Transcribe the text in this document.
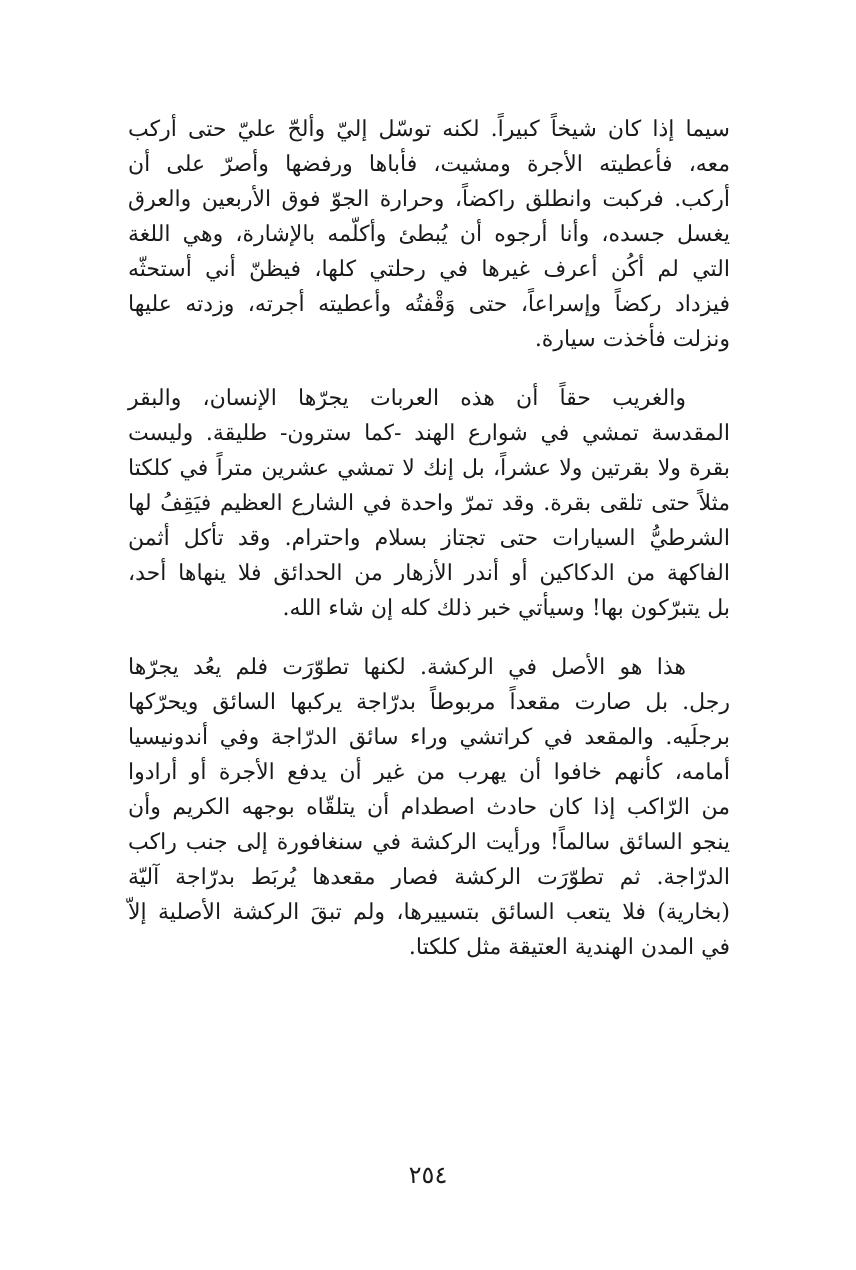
سيما إذا كان شيخاً كبيراً. لكنه توسّل إليّ وألحّ عليّ حتى أركب
معه، فأعطيته الأجرة ومشيت، فأباها ورفضها وأصرّ على أن
أركب. فركبت وانطلق راكضاً، وحرارة الجوّ فوق الأربعين والعرق
يغسل جسده، وأنا أرجوه أن يُبطئ وأكلّمه بالإشارة، وهي اللغة
التي لم أكُن أعرف غيرها في رحلتي كلها، فيظنّ أني أستحثّه
فيزداد ركضاً وإسراعاً، حتى وَقْفتُه وأعطيته أجرته، وزدته عليها
ونزلت فأخذت سيارة.
والغريب حقاً أن هذه العربات يجرّها الإنسان، والبقر
المقدسة تمشي في شوارع الهند -كما سترون- طليقة. وليست
بقرة ولا بقرتين ولا عشراً، بل إنك لا تمشي عشرين متراً في كلكتا
مثلاً حتى تلقى بقرة. وقد تمرّ واحدة في الشارع العظيم فيَقِفُ لها
الشرطيُّ السيارات حتى تجتاز بسلام واحترام. وقد تأكل أثمن
الفاكهة من الدكاكين أو أندر الأزهار من الحدائق فلا ينهاها أحد،
بل يتبرّكون بها! وسيأتي خبر ذلك كله إن شاء الله.
هذا هو الأصل في الركشة. لكنها تطوّرَت فلم يعُد يجرّها
رجل. بل صارت مقعداً مربوطاً بدرّاجة يركبها السائق ويحرّكها
برجلَيه. والمقعد في كراتشي وراء سائق الدرّاجة وفي أندونيسيا
أمامه، كأنهم خافوا أن يهرب من غير أن يدفع الأجرة أو أرادوا
من الرّاكب إذا كان حادث اصطدام أن يتلقّاه بوجهه الكريم وأن
ينجو السائق سالماً! ورأيت الركشة في سنغافورة إلى جنب راكب
الدرّاجة. ثم تطوّرَت الركشة فصار مقعدها يُربَط بدرّاجة آليّة
(بخارية) فلا يتعب السائق بتسييرها، ولم تبقَ الركشة الأصلية إلاّ
في المدن الهندية العتيقة مثل كلكتا.
٢٥٤
